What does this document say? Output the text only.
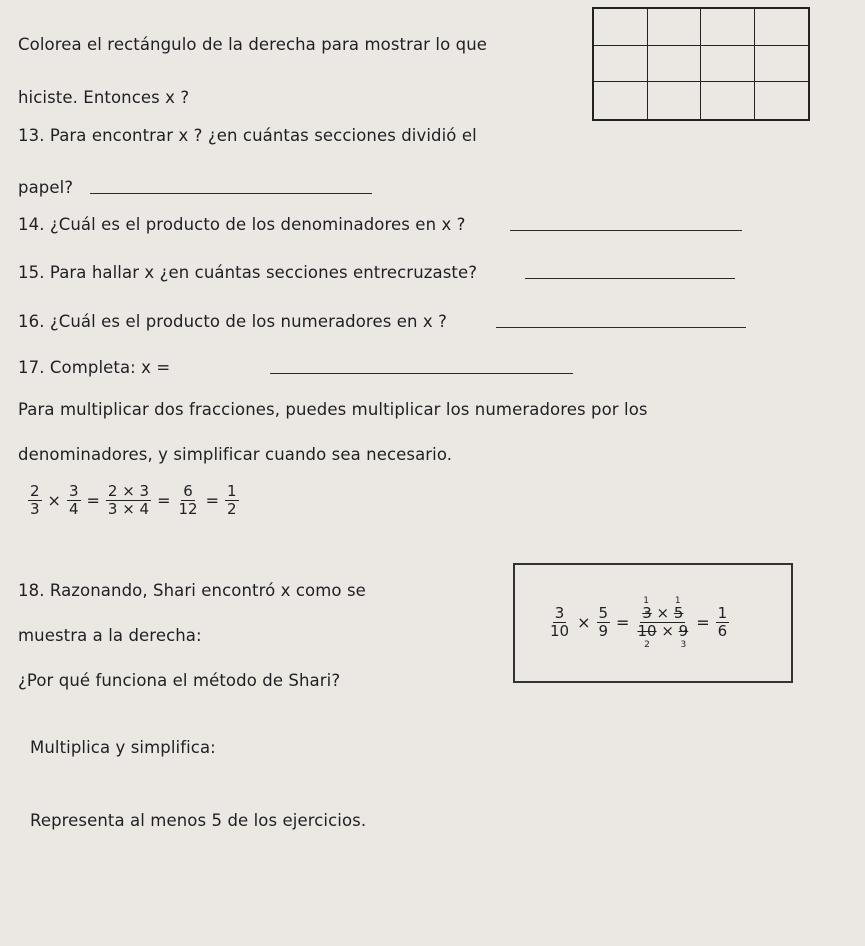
Colorea el rectángulo de la derecha para mostrar lo que
hiciste. Entonces x ?
13. Para encontrar x ? ¿en cuántas secciones dividió el
papel?
14. ¿Cuál es el producto de los denominadores en x ?
15. Para hallar x ¿en cuántas secciones entrecruzaste?
16. ¿Cuál es el producto de los numeradores en x ?
17. Completa: x =
Para multiplicar dos fracciones, puedes multiplicar los numeradores por los
denominadores, y simplificar cuando sea necesario.
$\frac{2}{3} \times \frac{3}{4} = \frac{2 \times 3}{3 \times 4} = \frac{6}{12} = \frac{1}{2}$
18. Razonando, Shari encontró x como se
muestra a la derecha:
¿Por qué funciona el método de Shari?
$\frac{3}{10} \times \frac{5}{9} = 1$
3 ×
1
5
10
2
× 9
$3 = \frac{1}{6}$
Multiplica y simplifica:
Representa al menos 5 de los ejercicios.
